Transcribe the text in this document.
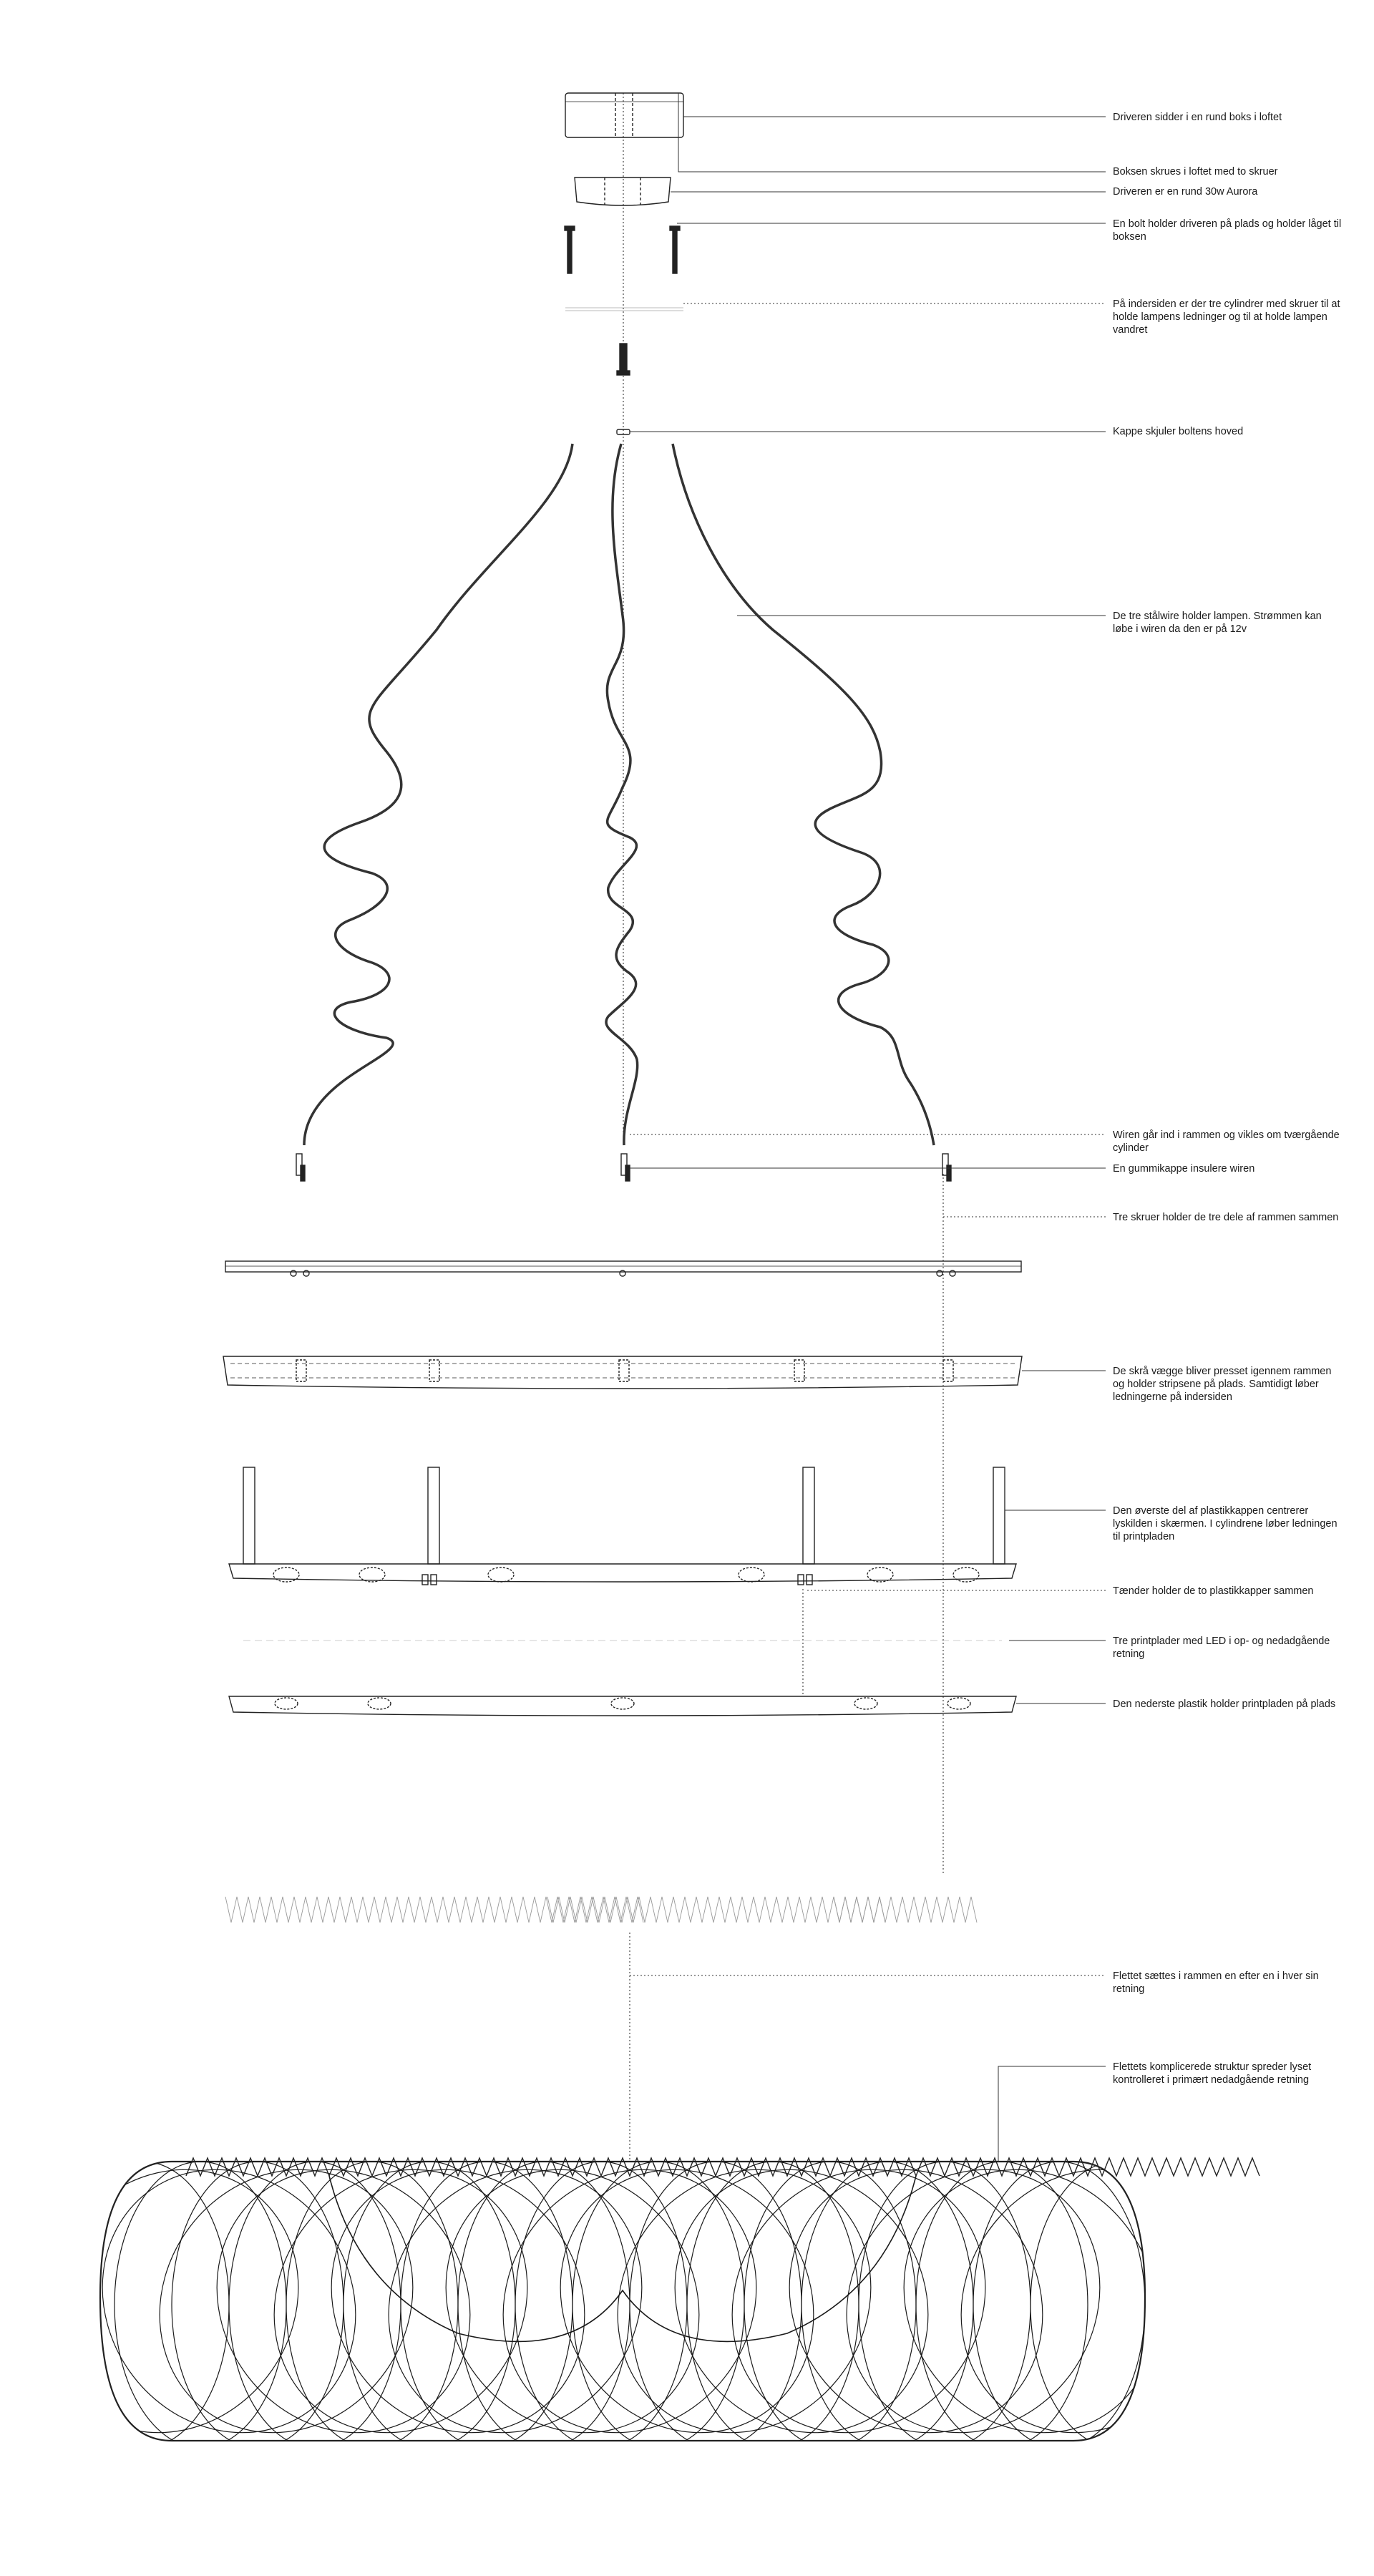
Driveren sidder i en rund boks i loftet

Boksen skrues i loftet med to skruer

Driveren er en rund 30w Aurora

En bolt holder driveren på plads og holder låget til boksen

På indersiden er der tre cylindrer med skruer til at holde lampens ledninger og til at holde lampen vandret

Kappe skjuler boltens hoved

De tre stålwire holder lampen. Strømmen kan løbe i wiren da den er på 12v

Wiren går ind i rammen og vikles om tværgående cylinder

En gummikappe insulere wiren

Tre skruer holder de tre dele af rammen sammen

De skrå vægge bliver presset igennem rammen og holder stripsene på plads. Samtidigt løber ledningerne på indersiden

Den øverste del af plastikkappen centrerer lyskilden i skærmen. I cylindrene løber ledningen til printpladen

Tænder holder de to plastikkapper sammen

Tre printplader med LED i op- og nedadgående retning

Den nederste plastik holder printpladen på plads

Flettet sættes i rammen en efter en i hver sin retning

Flettets komplicerede struktur spreder lyset kontrolleret i primært nedadgående retning
